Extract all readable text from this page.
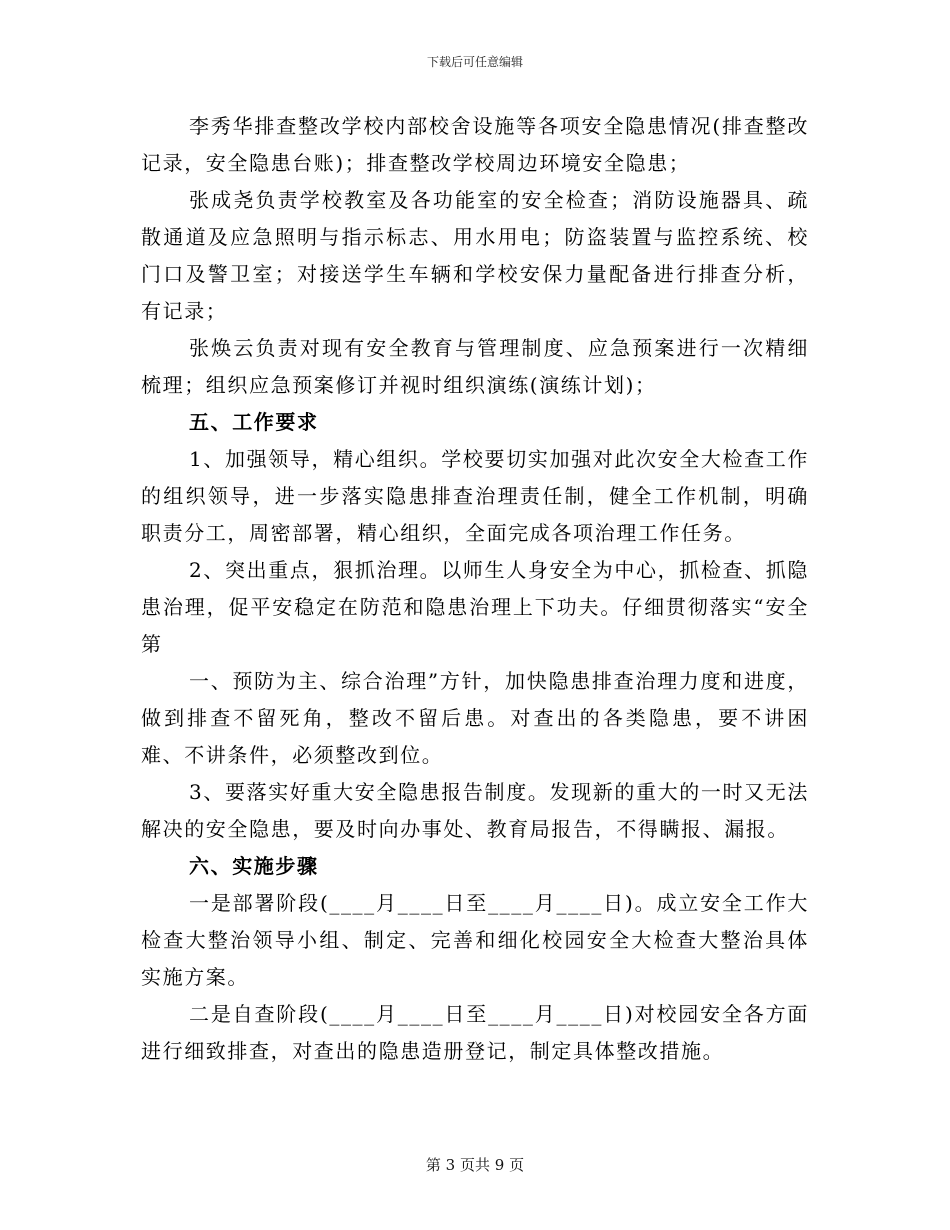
下载后可任意编辑

李秀华排查整改学校内部校舍设施等各项安全隐患情况(排查整改记录，安全隐患台账)；排查整改学校周边环境安全隐患；

张成尧负责学校教室及各功能室的安全检查；消防设施器具、疏散通道及应急照明与指示标志、用水用电；防盗装置与监控系统、校门口及警卫室；对接送学生车辆和学校安保力量配备进行排查分析，有记录；

张焕云负责对现有安全教育与管理制度、应急预案进行一次精细梳理；组织应急预案修订并视时组织演练(演练计划)；

五、工作要求

1、加强领导，精心组织。学校要切实加强对此次安全大检查工作的组织领导，进一步落实隐患排查治理责任制，健全工作机制，明确职责分工，周密部署，精心组织，全面完成各项治理工作任务。

2、突出重点，狠抓治理。以师生人身安全为中心，抓检查、抓隐患治理，促平安稳定在防范和隐患治理上下功夫。仔细贯彻落实“安全第

一、预防为主、综合治理”方针，加快隐患排查治理力度和进度，做到排查不留死角，整改不留后患。对查出的各类隐患，要不讲困难、不讲条件，必须整改到位。

3、要落实好重大安全隐患报告制度。发现新的重大的一时又无法解决的安全隐患，要及时向办事处、教育局报告，不得瞒报、漏报。

六、实施步骤

一是部署阶段(____月____日至____月____日)。成立安全工作大检查大整治领导小组、制定、完善和细化校园安全大检查大整治具体实施方案。

二是自查阶段(____月____日至____月____日)对校园安全各方面进行细致排查，对查出的隐患造册登记，制定具体整改措施。

第 3 页共 9 页
